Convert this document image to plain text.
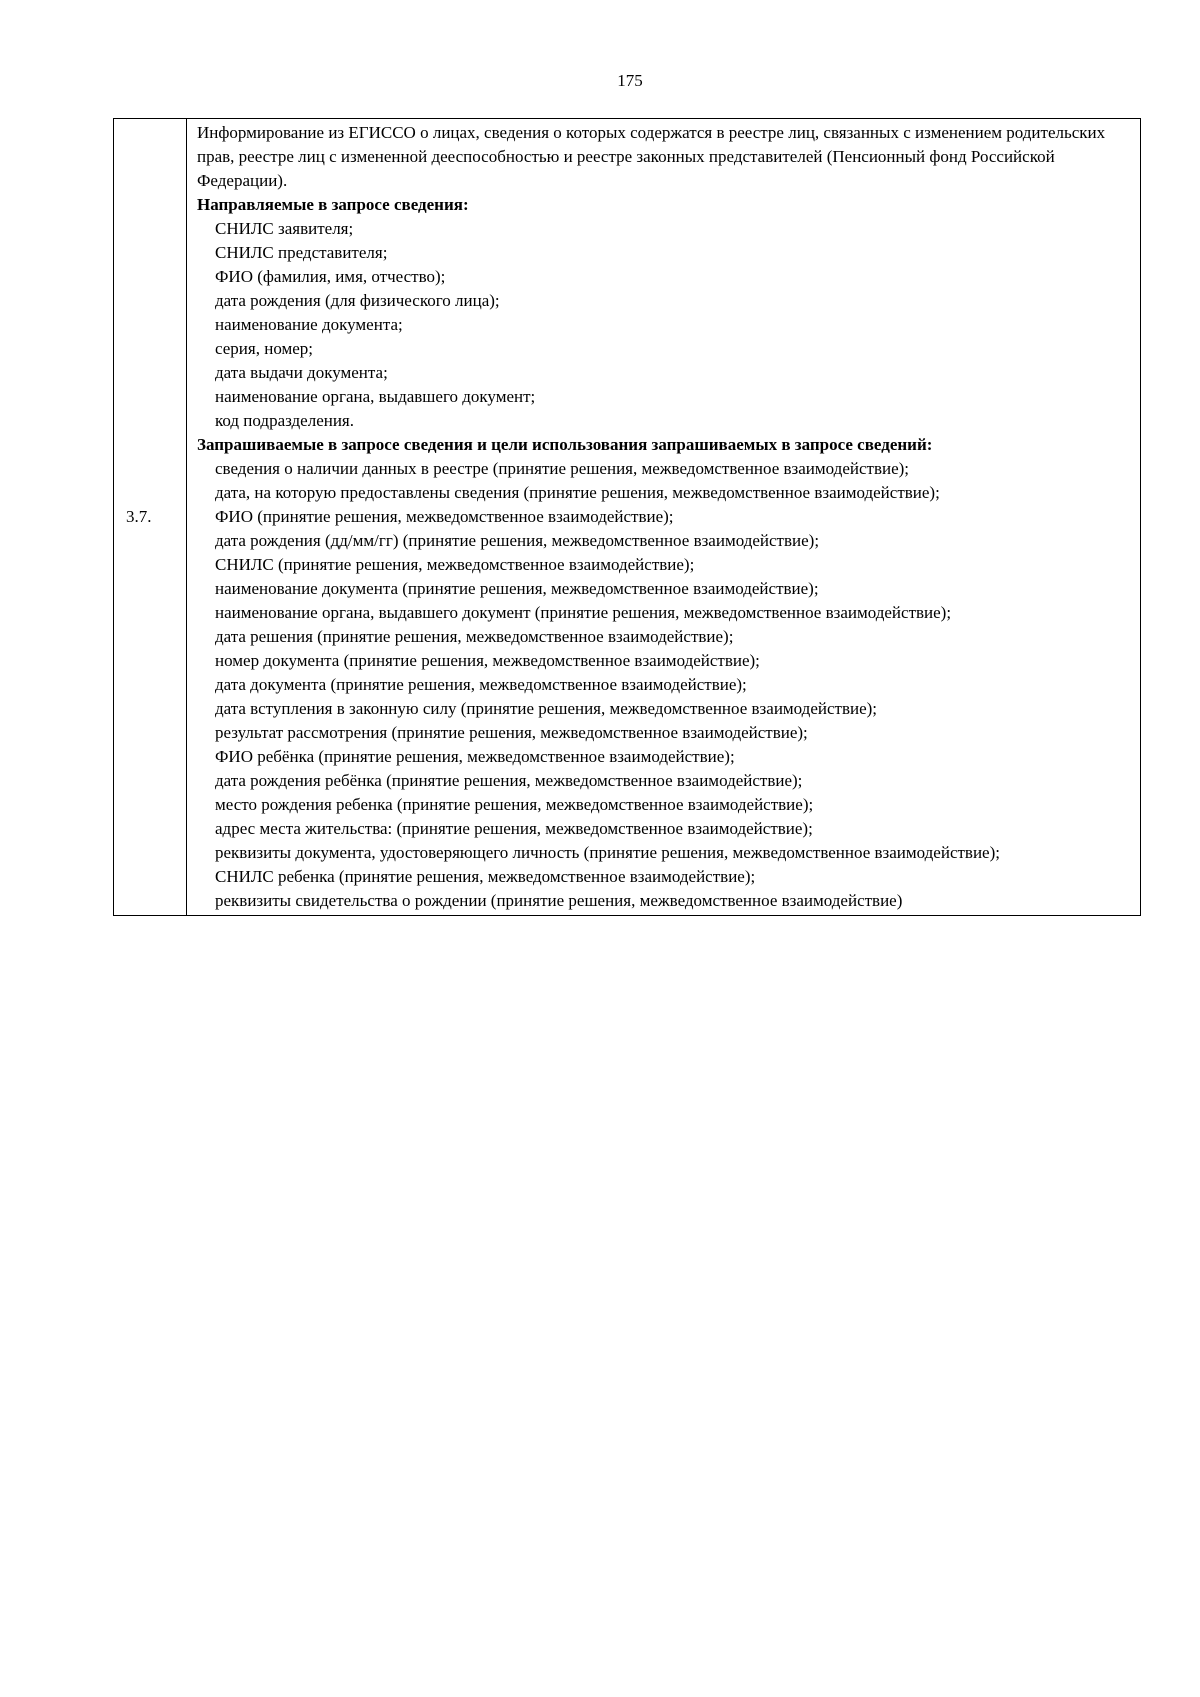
175
3.7.	

Информирование из ЕГИССО о лицах, сведения о которых содержатся в реестре лиц, связанных с изменением родительских прав, реестре лиц с измененной дееспособностью и реестре законных представителей (Пенсионный фонд Российской Федерации).

Направляемые в запросе сведения:

СНИЛС заявителя;
СНИЛС представителя;
ФИО (фамилия, имя, отчество);
дата рождения (для физического лица);
наименование документа;
серия, номер;
дата выдачи документа;
наименование органа, выдавшего документ;
код подразделения.

Запрашиваемые в запросе сведения и цели использования запрашиваемых в запросе сведений:

сведения о наличии данных в реестре (принятие решения, межведомственное взаимодействие);
дата, на которую предоставлены сведения (принятие решения, межведомственное взаимодействие);
ФИО (принятие решения, межведомственное взаимодействие);
дата рождения (дд/мм/гг) (принятие решения, межведомственное взаимодействие);
СНИЛС (принятие решения, межведомственное взаимодействие);
наименование документа (принятие решения, межведомственное взаимодействие);
наименование органа, выдавшего документ (принятие решения, межведомственное взаимодействие);
дата решения (принятие решения, межведомственное взаимодействие);
номер документа (принятие решения, межведомственное взаимодействие);
дата документа (принятие решения, межведомственное взаимодействие);
дата вступления в законную силу (принятие решения, межведомственное взаимодействие);
результат рассмотрения (принятие решения, межведомственное взаимодействие);
ФИО ребёнка (принятие решения, межведомственное взаимодействие);
дата рождения ребёнка (принятие решения, межведомственное взаимодействие);
место рождения ребенка (принятие решения, межведомственное взаимодействие);
адрес места жительства: (принятие решения, межведомственное взаимодействие);
реквизиты документа, удостоверяющего личность (принятие решения, межведомственное взаимодействие);
СНИЛС ребенка (принятие решения, межведомственное взаимодействие);
реквизиты свидетельства о рождении (принятие решения, межведомственное взаимодействие)
